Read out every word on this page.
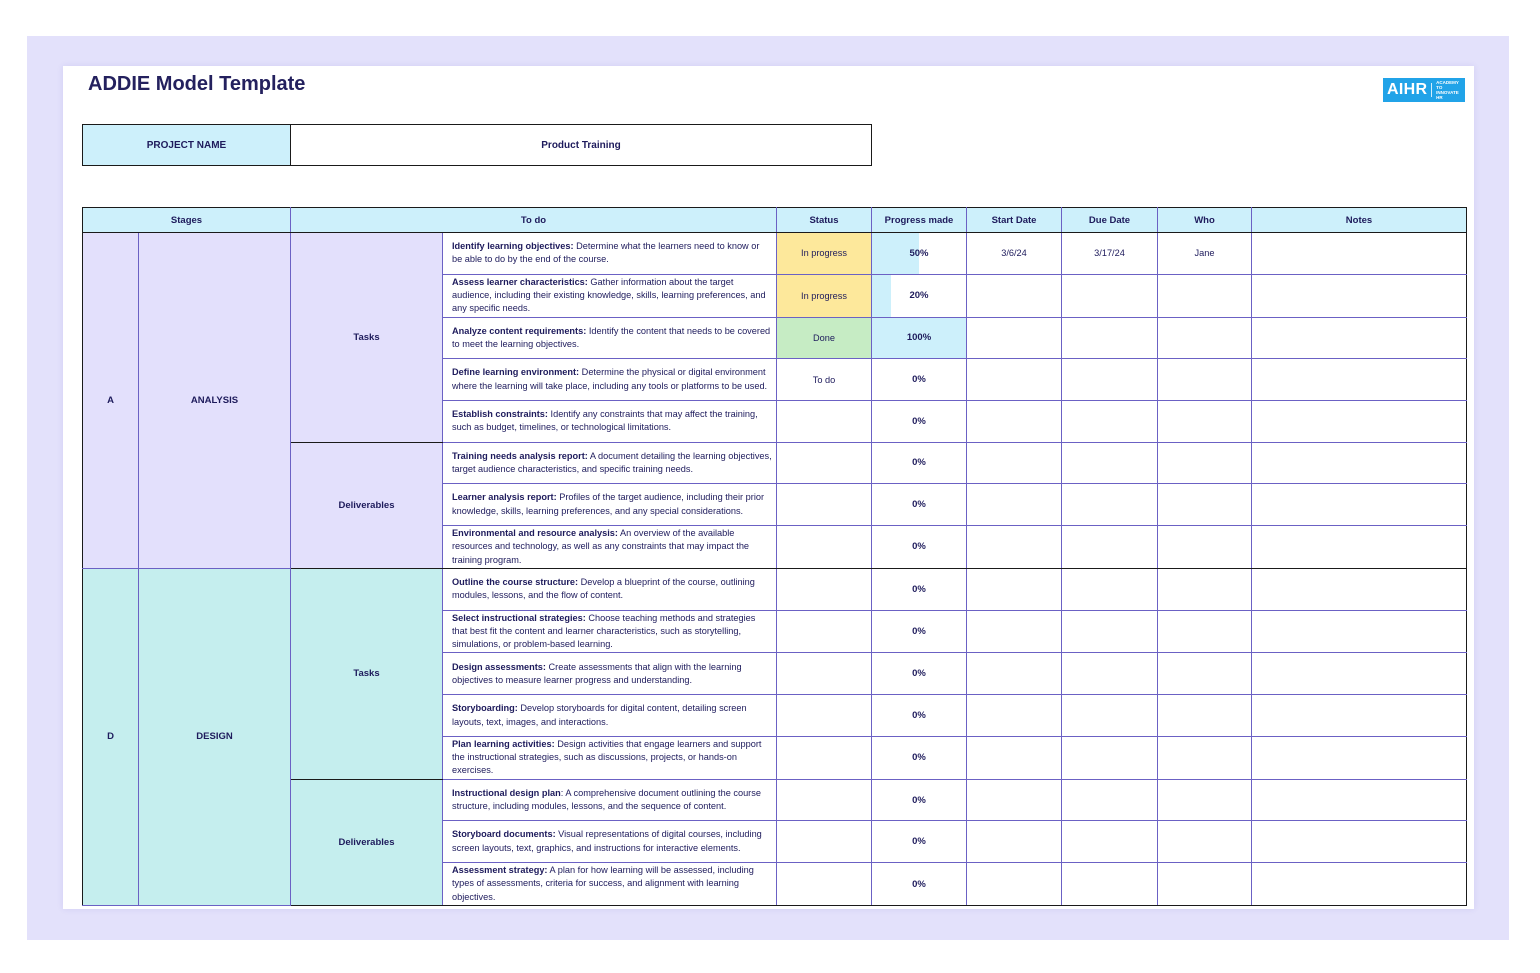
ADDIE Model Template	AIHR ACADEMY TO INNOVATE HR
PROJECT NAME	Product Training
Stages		To do		Status	Progress made	Start Date	Due Date	Who	Notes
A	ANALYSIS	Tasks	Identify learning objectives: Determine what the learners need to know or be able to do by the end of the course.	In progress	50%	3/6/24	3/17/24	Jane	
			Assess learner characteristics: Gather information about the target audience, including their existing knowledge, skills, learning preferences, and any specific needs.	In progress	20%				
			Analyze content requirements: Identify the content that needs to be covered to meet the learning objectives.	Done	100%				
			Define learning environment: Determine the physical or digital environment where the learning will take place, including any tools or platforms to be used.	To do	0%				
			Establish constraints: Identify any constraints that may affect the training, such as budget, timelines, or technological limitations.		0%				
		Deliverables	Training needs analysis report: A document detailing the learning objectives, target audience characteristics, and specific training needs.		0%				
			Learner analysis report: Profiles of the target audience, including their prior knowledge, skills, learning preferences, and any special considerations.		0%				
			Environmental and resource analysis: An overview of the available resources and technology, as well as any constraints that may impact the training program.		0%				
D	DESIGN	Tasks	Outline the course structure: Develop a blueprint of the course, outlining modules, lessons, and the flow of content.		0%				
			Select instructional strategies: Choose teaching methods and strategies that best fit the content and learner characteristics, such as storytelling, simulations, or problem-based learning.		0%				
			Design assessments: Create assessments that align with the learning objectives to measure learner progress and understanding.		0%				
			Storyboarding: Develop storyboards for digital content, detailing screen layouts, text, images, and interactions.		0%				
			Plan learning activities: Design activities that engage learners and support the instructional strategies, such as discussions, projects, or hands-on exercises.		0%				
		Deliverables	Instructional design plan: A comprehensive document outlining the course structure, including modules, lessons, and the sequence of content.		0%				
			Storyboard documents: Visual representations of digital courses, including screen layouts, text, graphics, and instructions for interactive elements.		0%				
			Assessment strategy: A plan for how learning will be assessed, including types of assessments, criteria for success, and alignment with learning objectives.		0%				
